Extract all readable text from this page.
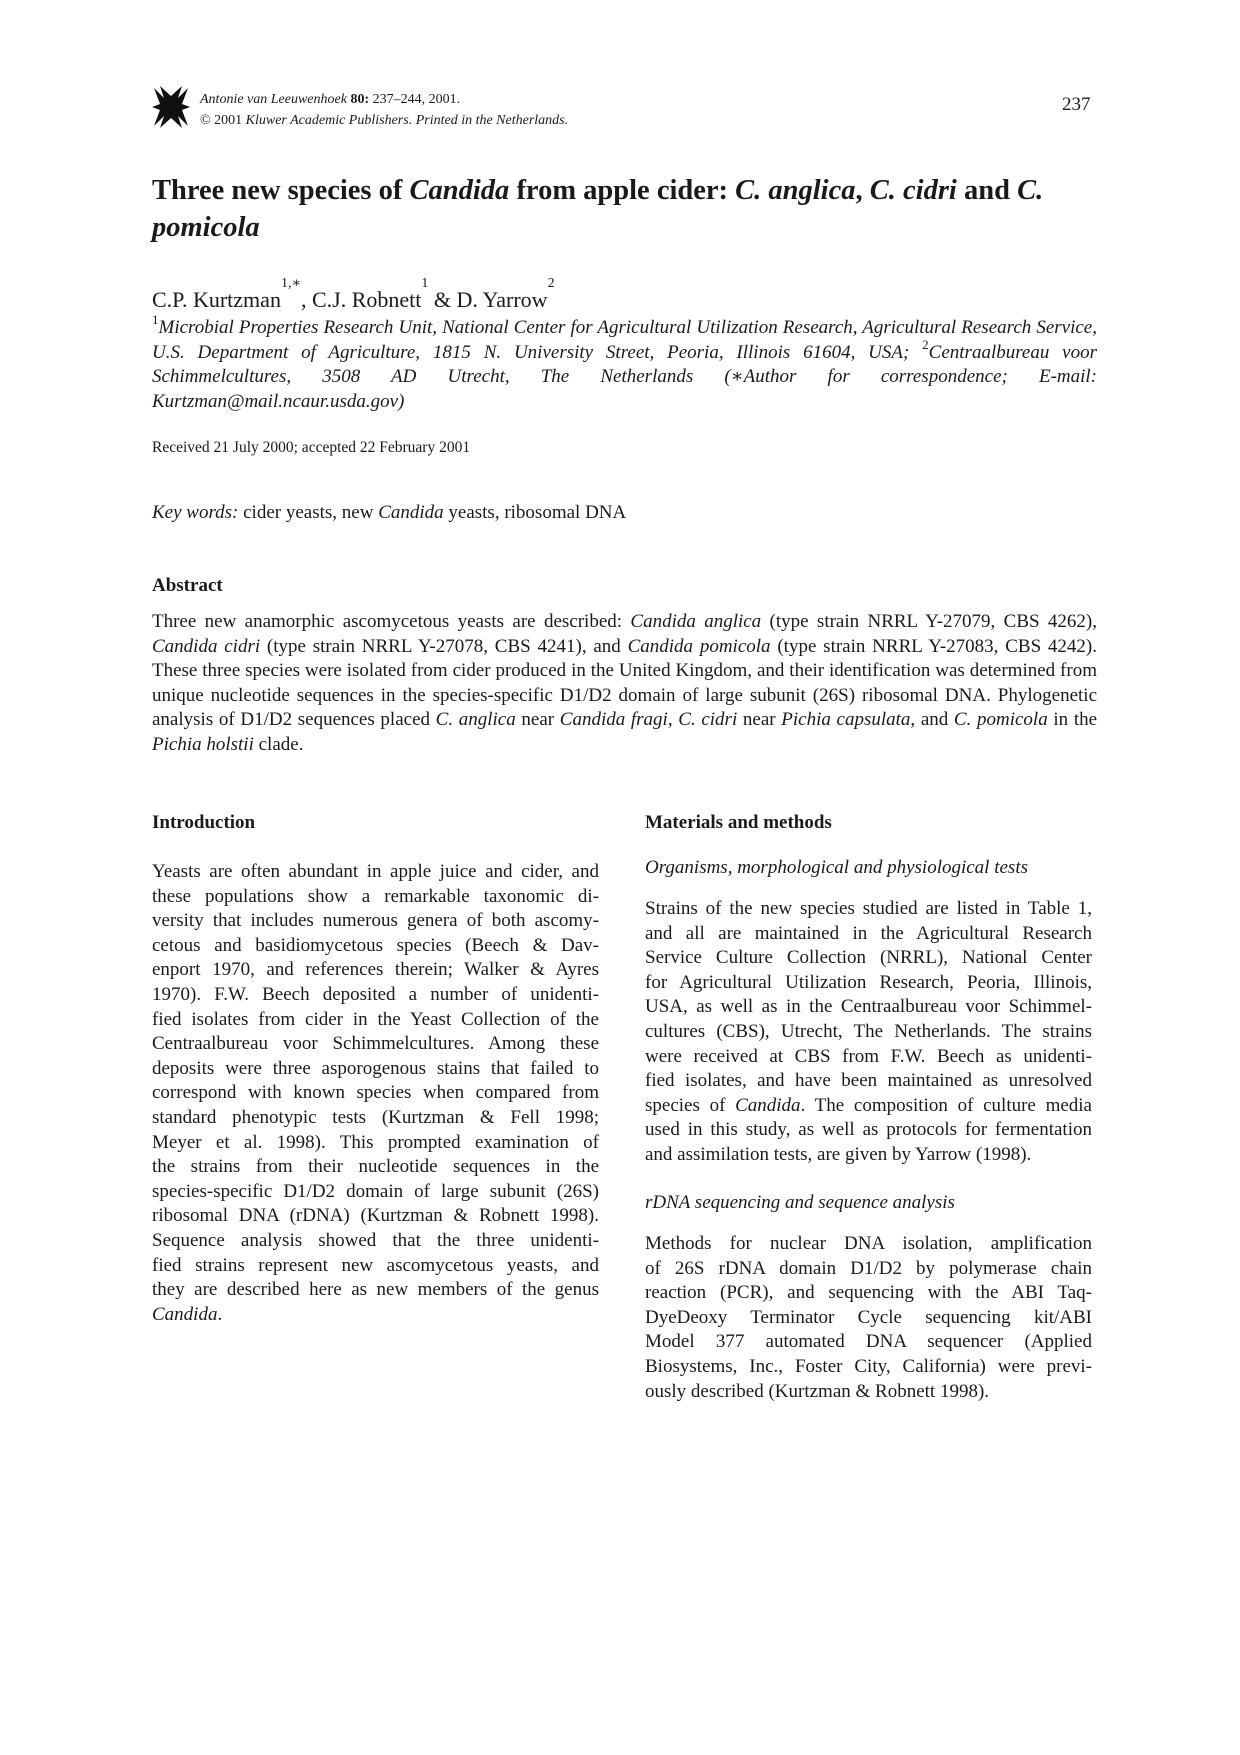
Antonie van Leeuwenhoek 80: 237–244, 2001.
© 2001 Kluwer Academic Publishers. Printed in the Netherlands.
237
Three new species of Candida from apple cider: C. anglica, C. cidri and C.
pomicola
C.P. Kurtzman$^{1,∗}$, C.J. Robnett$^1$ & D. Yarrow$^2$
$^1$Microbial Properties Research Unit, National Center for Agricultural Utilization Research, Agricultural Research Service, U.S. Department of Agriculture, 1815 N. University Street, Peoria, Illinois 61604, USA; $^2$Centraalbureau voor Schimmelcultures, 3508 AD Utrecht, The Netherlands (∗Author for correspondence; E-mail: Kurtzman@mail.ncaur.usda.gov)
Received 21 July 2000; accepted 22 February 2001
Key words: cider yeasts, new Candida yeasts, ribosomal DNA
Abstract
Three new anamorphic ascomycetous yeasts are described: Candida anglica (type strain NRRL Y-27079, CBS 4262), Candida cidri (type strain NRRL Y-27078, CBS 4241), and Candida pomicola (type strain NRRL Y-27083, CBS 4242). These three species were isolated from cider produced in the United Kingdom, and their identification was determined from unique nucleotide sequences in the species-specific D1/D2 domain of large subunit (26S) ribosomal DNA. Phylogenetic analysis of D1/D2 sequences placed C. anglica near Candida fragi, C. cidri near Pichia capsulata, and C. pomicola in the Pichia holstii clade.
Introduction
Yeasts are often abundant in apple juice and cider, and
these populations show a remarkable taxonomic di-
versity that includes numerous genera of both ascomy-
cetous and basidiomycetous species (Beech & Dav-
enport 1970, and references therein; Walker & Ayres
1970). F.W. Beech deposited a number of unidenti-
fied isolates from cider in the Yeast Collection of the
Centraalbureau voor Schimmelcultures. Among these
deposits were three asporogenous stains that failed to
correspond with known species when compared from
standard phenotypic tests (Kurtzman & Fell 1998;
Meyer et al. 1998). This prompted examination of
the strains from their nucleotide sequences in the
species-specific D1/D2 domain of large subunit (26S)
ribosomal DNA (rDNA) (Kurtzman & Robnett 1998).
Sequence analysis showed that the three unidenti-
fied strains represent new ascomycetous yeasts, and
they are described here as new members of the genus
Candida.
Materials and methods
Organisms, morphological and physiological tests
Strains of the new species studied are listed in Table 1,
and all are maintained in the Agricultural Research
Service Culture Collection (NRRL), National Center
for Agricultural Utilization Research, Peoria, Illinois,
USA, as well as in the Centraalbureau voor Schimmel-
cultures (CBS), Utrecht, The Netherlands. The strains
were received at CBS from F.W. Beech as unidenti-
fied isolates, and have been maintained as unresolved
species of Candida. The composition of culture media
used in this study, as well as protocols for fermentation
and assimilation tests, are given by Yarrow (1998).
rDNA sequencing and sequence analysis
Methods for nuclear DNA isolation, amplification
of 26S rDNA domain D1/D2 by polymerase chain
reaction (PCR), and sequencing with the ABI Taq-
DyeDeoxy Terminator Cycle sequencing kit/ABI
Model 377 automated DNA sequencer (Applied
Biosystems, Inc., Foster City, California) were previ-
ously described (Kurtzman & Robnett 1998).
